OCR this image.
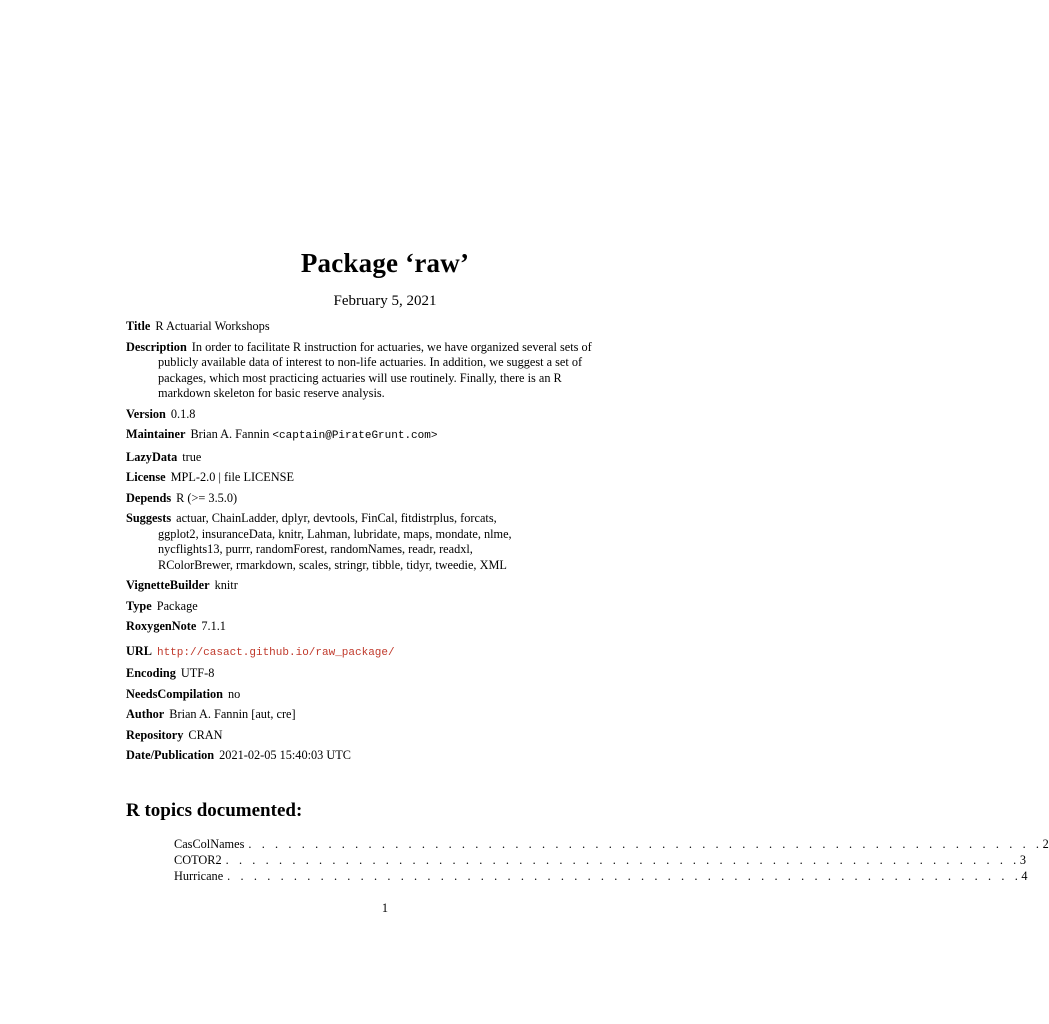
Package ‘raw’
February 5, 2021

Title R Actuarial Workshops

Description In order to facilitate R instruction for actuaries, we have organized several sets of publicly available data of interest to non-life actuaries. In addition, we suggest a set of packages, which most practicing actuaries will use routinely. Finally, there is an R markdown skeleton for basic reserve analysis.

Version 0.1.8

Maintainer Brian A. Fannin <captain@PirateGrunt.com>

LazyData true

License MPL-2.0 | file LICENSE

Depends R (>= 3.5.0)

Suggests actuar, ChainLadder, dplyr, devtools, FinCal, fitdistrplus, forcats, ggplot2, insuranceData, knitr, Lahman, lubridate, maps, mondate, nlme, nycflights13, purrr, randomForest, randomNames, readr, readxl, RColorBrewer, rmarkdown, scales, stringr, tibble, tidyr, tweedie, XML

VignetteBuilder knitr

Type Package

RoxygenNote 7.1.1

URL http://casact.github.io/raw_package/

Encoding UTF-8

NeedsCompilation no

Author Brian A. Fannin [aut, cre]

Repository CRAN

Date/Publication 2021-02-05 15:40:03 UTC

R topics documented:
CasColNames . . . . . . . . . . . . . . . . . . . . . . . . . . . . . . . . . . . . . . . . . . . . . . . . . . . . . . . . . . . . 2
COTOR2 . . . . . . . . . . . . . . . . . . . . . . . . . . . . . . . . . . . . . . . . . . . . . . . . . . . . . . . . . . . . 3
Hurricane . . . . . . . . . . . . . . . . . . . . . . . . . . . . . . . . . . . . . . . . . . . . . . . . . . . . . . . . . . . . 4
1
